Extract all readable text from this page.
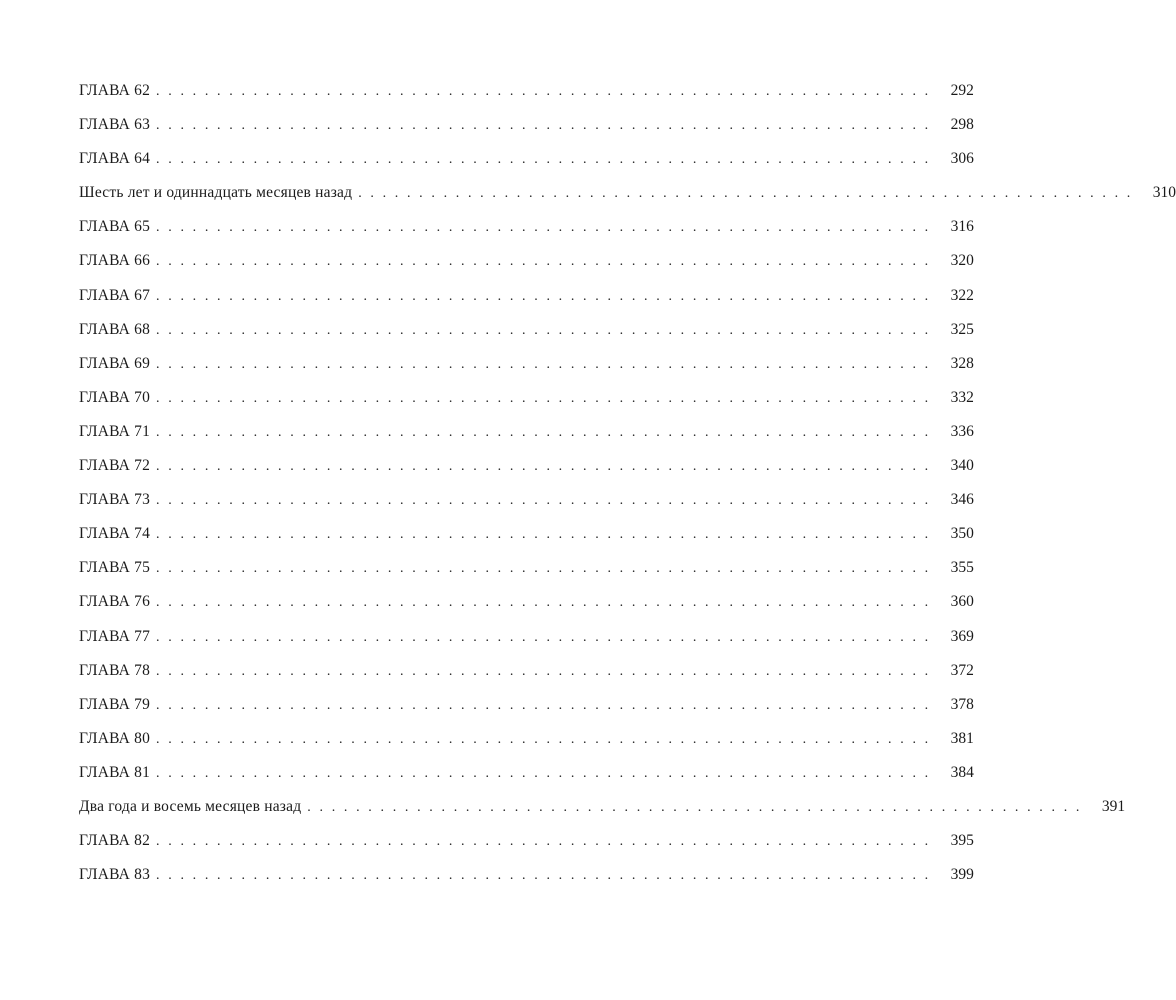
ГЛАВА 62 ................................................................ 292
ГЛАВА 63 ................................................................ 298
ГЛАВА 64 ................................................................ 306
Шесть лет и одиннадцать месяцев назад ................................................................ 310
ГЛАВА 65 ................................................................ 316
ГЛАВА 66 ................................................................ 320
ГЛАВА 67 ................................................................ 322
ГЛАВА 68 ................................................................ 325
ГЛАВА 69 ................................................................ 328
ГЛАВА 70 ................................................................ 332
ГЛАВА 71 ................................................................ 336
ГЛАВА 72 ................................................................ 340
ГЛАВА 73 ................................................................ 346
ГЛАВА 74 ................................................................ 350
ГЛАВА 75 ................................................................ 355
ГЛАВА 76 ................................................................ 360
ГЛАВА 77 ................................................................ 369
ГЛАВА 78 ................................................................ 372
ГЛАВА 79 ................................................................ 378
ГЛАВА 80 ................................................................ 381
ГЛАВА 81 ................................................................ 384
Два года и восемь месяцев назад ................................................................ 391
ГЛАВА 82 ................................................................ 395
ГЛАВА 83 ................................................................ 399
